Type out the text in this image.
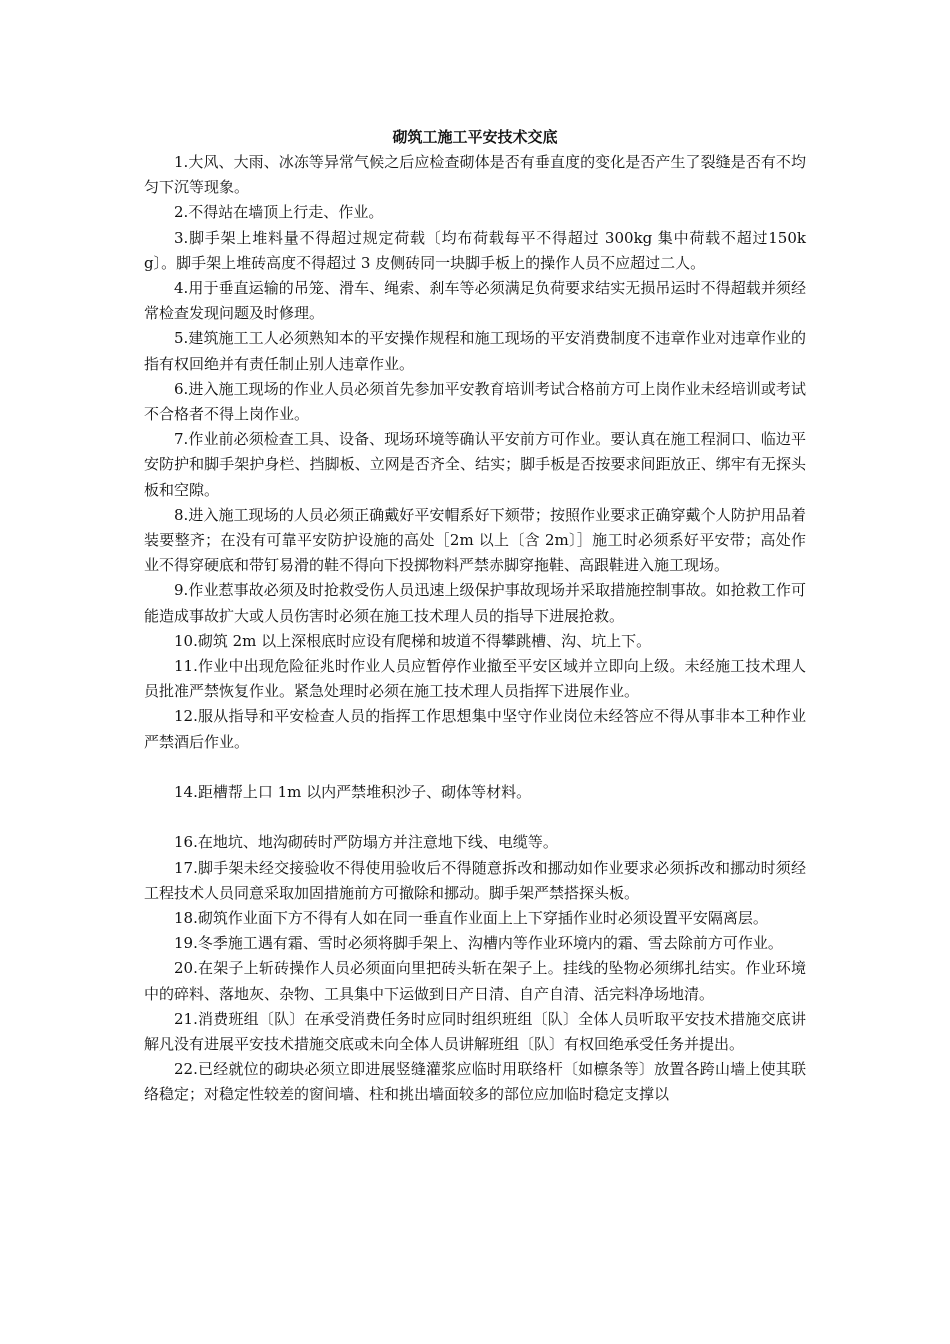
砌筑工施工平安技术交底

1.大风、大雨、冰冻等异常气候之后应检查砌体是否有垂直度的变化是否产生了裂缝是否有不均匀下沉等现象。

2.不得站在墙顶上行走、作业。

3.脚手架上堆料量不得超过规定荷载〔均布荷载每平不得超过 300kg 集中荷载不超过150kg〕。脚手架上堆砖高度不得超过 3 皮侧砖同一块脚手板上的操作人员不应超过二人。

4.用于垂直运输的吊笼、滑车、绳索、刹车等必须满足负荷要求结实无损吊运时不得超载并须经常检查发现问题及时修理。

5.建筑施工工人必须熟知本的平安操作规程和施工现场的平安消费制度不违章作业对违章作业的指有权回绝并有责任制止别人违章作业。

6.进入施工现场的作业人员必须首先参加平安教育培训考试合格前方可上岗作业未经培训或考试不合格者不得上岗作业。

7.作业前必须检查工具、设备、现场环境等确认平安前方可作业。要认真在施工程洞口、临边平安防护和脚手架护身栏、挡脚板、立网是否齐全、结实；脚手板是否按要求间距放正、绑牢有无探头板和空隙。

8.进入施工现场的人员必须正确戴好平安帽系好下颏带；按照作业要求正确穿戴个人防护用品着装要整齐；在没有可靠平安防护设施的高处［2m 以上〔含 2m〕］施工时必须系好平安带；高处作业不得穿硬底和带钉易滑的鞋不得向下投掷物料严禁赤脚穿拖鞋、高跟鞋进入施工现场。

9.作业惹事故必须及时抢救受伤人员迅速上级保护事故现场并采取措施控制事故。如抢救工作可能造成事故扩大或人员伤害时必须在施工技术理人员的指导下进展抢救。

10.砌筑 2m 以上深根底时应设有爬梯和坡道不得攀跳槽、沟、坑上下。

11.作业中出现危险征兆时作业人员应暂停作业撤至平安区域并立即向上级。未经施工技术理人员批准严禁恢复作业。紧急处理时必须在施工技术理人员指挥下进展作业。

12.服从指导和平安检查人员的指挥工作思想集中坚守作业岗位未经答应不得从事非本工种作业严禁酒后作业。

14.距槽帮上口 1m 以内严禁堆积沙子、砌体等材料。

16.在地坑、地沟砌砖时严防塌方并注意地下线、电缆等。

17.脚手架未经交接验收不得使用验收后不得随意拆改和挪动如作业要求必须拆改和挪动时须经工程技术人员同意采取加固措施前方可撤除和挪动。脚手架严禁搭探头板。

18.砌筑作业面下方不得有人如在同一垂直作业面上上下穿插作业时必须设置平安隔离层。

19.冬季施工遇有霜、雪时必须将脚手架上、沟槽内等作业环境内的霜、雪去除前方可作业。

20.在架子上斩砖操作人员必须面向里把砖头斩在架子上。挂线的坠物必须绑扎结实。作业环境中的碎料、落地灰、杂物、工具集中下运做到日产日清、自产自清、活完料净场地清。

21.消费班组〔队〕在承受消费任务时应同时组织班组〔队〕全体人员听取平安技术措施交底讲解凡没有进展平安技术措施交底或未向全体人员讲解班组〔队〕有权回绝承受任务并提出。

22.已经就位的砌块必须立即进展竖缝灌浆应临时用联络杆〔如檩条等〕放置各跨山墙上使其联络稳定；对稳定性较差的窗间墙、柱和挑出墙面较多的部位应加临时稳定支撑以
